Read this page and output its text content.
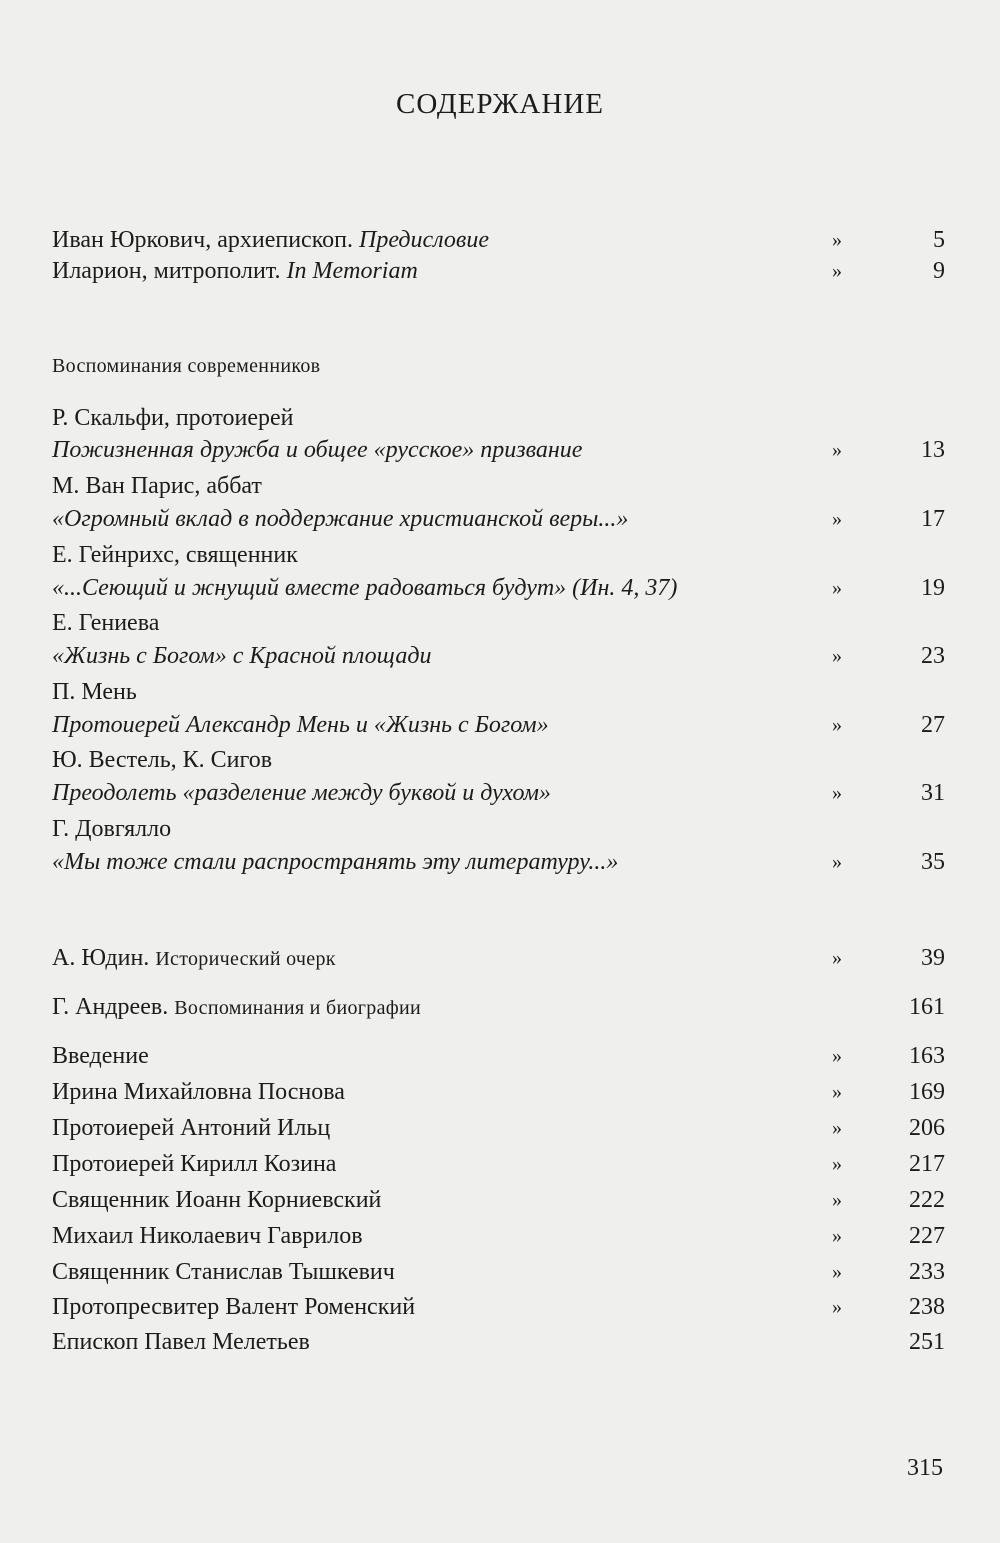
СОДЕРЖАНИЕ
Иван Юркович, архиепископ. Предисловие	»	5
Иларион, митрополит. In Memoriam	»	9
Воспоминания современников
Р. Скальфи, протоиерей
Пожизненная дружба и общее «русское» призвание	»	13
М. Ван Парис, аббат
«Огромный вклад в поддержание христианской веры...»	»	17
Е. Гейнрихс, священник
«...Сеющий и жнущий вместе радоваться будут» (Ин. 4, 37)	»	19
Е. Гениева
«Жизнь с Богом» с Красной площади	»	23
П. Мень
Протоиерей Александр Мень и «Жизнь с Богом»	»	27
Ю. Вестель, К. Сигов
Преодолеть «разделение между буквой и духом»	»	31
Г. Довгялло
«Мы тоже стали распространять эту литературу...»	»	35
А. Юдин. Исторический очерк	»	39
Г. Андреев. Воспоминания и биографии	161
Введение	»	163
Ирина Михайловна Поснова	»	169
Протоиерей Антоний Ильц	»	206
Протоиерей Кирилл Козина	»	217
Священник Иоанн Корниевский	»	222
Михаил Николаевич Гаврилов	»	227
Священник Станислав Тышкевич	»	233
Протопресвитер Валент Роменский	»	238
Епископ Павел Мелетьев	251
315
